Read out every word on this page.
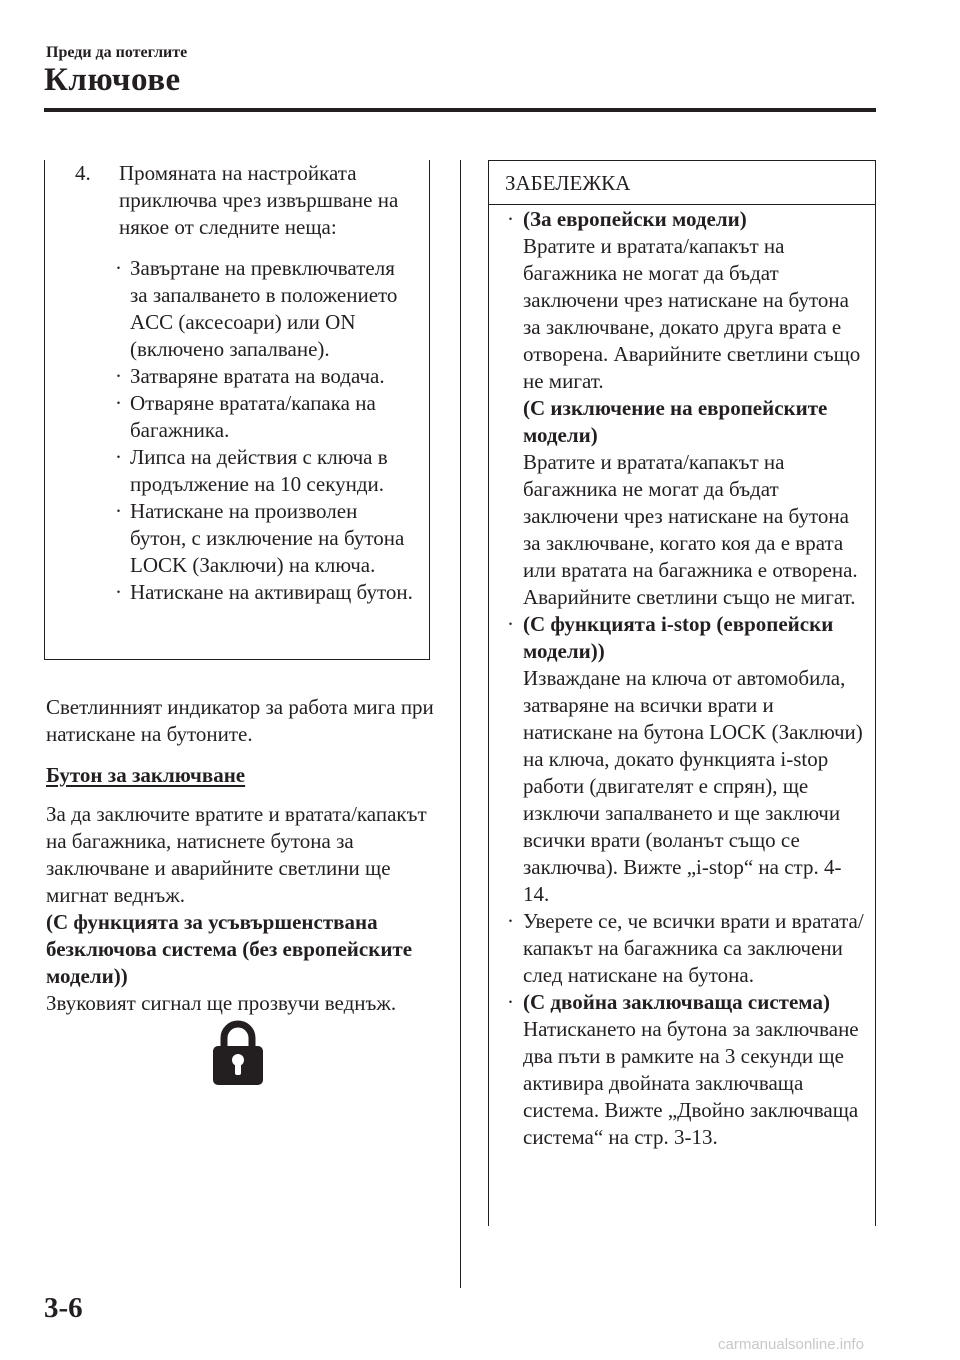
Преди да потеглите
Ключове
4. Промяната на настройката приключва чрез извършване на някое от следните неща:
· Завъртане на превключвателя за запалването в положението ACC (аксесоари) или ON (включено запалване).
· Затваряне вратата на водача.
· Отваряне вратата/капака на багажника.
· Липса на действия с ключа в продължение на 10 секунди.
· Натискане на произволен бутон, с изключение на бутона LOCK (Заключи) на ключа.
· Натискане на активиращ бутон.
Светлинният индикатор за работа мига при натискане на бутоните.
Бутон за заключване
За да заключите вратите и вратата/капакът на багажника, натиснете бутона за заключване и аварийните светлини ще мигнат веднъж.
(С функцията за усъвършенствана безключова система (без европейските модели))
Звуковият сигнал ще прозвучи веднъж.
ЗАБЕЛЕЖКА
· (За европейски модели)
Вратите и вратата/капакът на багажника не могат да бъдат заключени чрез натискане на бутона за заключване, докато друга врата е отворена. Аварийните светлини също не мигат.
(С изключение на европейските модели)
Вратите и вратата/капакът на багажника не могат да бъдат заключени чрез натискане на бутона за заключване, когато коя да е врата или вратата на багажника е отворена. Аварийните светлини също не мигат.
· (С функцията i-stop (европейски модели))
Изваждане на ключа от автомобила, затваряне на всички врати и натискане на бутона LOCK (Заключи) на ключа, докато функцията i-stop работи (двигателят е спрян), ще изключи запалването и ще заключи всички врати (воланът също се заключва). Вижте „i-stop“ на стр. 4-14.
· Уверете се, че всички врати и вратата/капакът на багажника са заключени след натискане на бутона.
· (С двойна заключваща система)
Натискането на бутона за заключване два пъти в рамките на 3 секунди ще активира двойната заключваща система. Вижте „Двойно заключваща система“ на стр. 3-13.
3-6
carmanualsonline.info
